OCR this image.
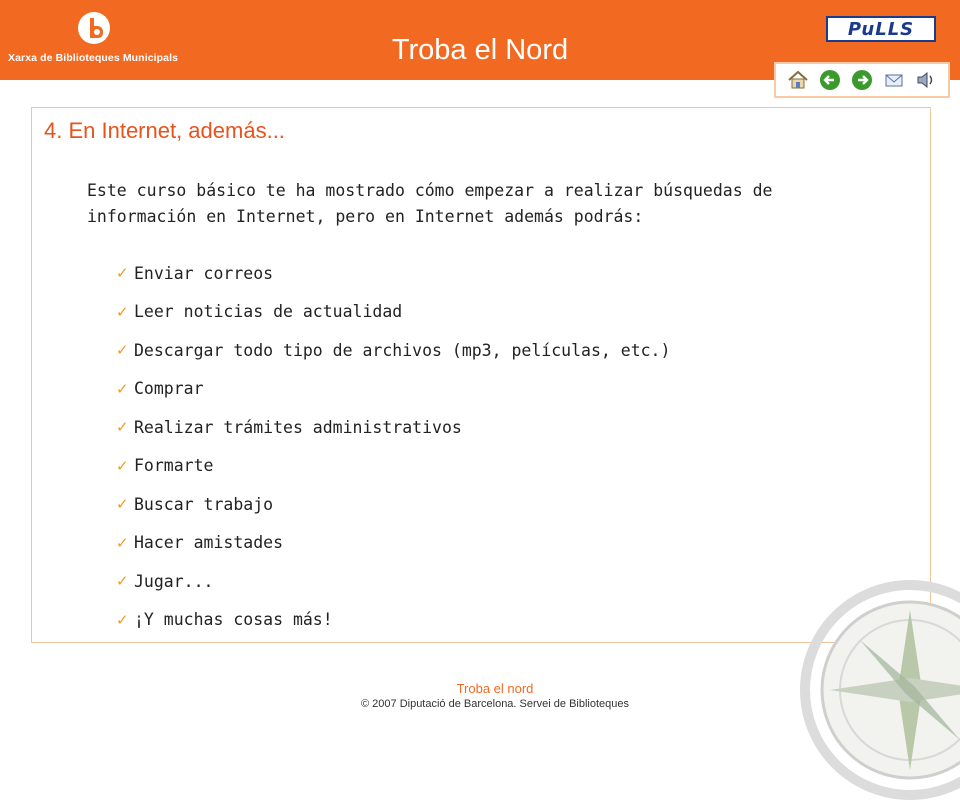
Xarxa de Biblioteques Municipals	Troba el Nord
PuLLS
4. En Internet, además...
Este curso básico te ha mostrado cómo empezar a realizar búsquedas de información en Internet, pero en Internet además podrás:
✓ Enviar correos
✓ Leer noticias de actualidad
✓ Descargar todo tipo de archivos (mp3, películas, etc.)
✓ Comprar
✓ Realizar trámites administrativos
✓ Formarte
✓ Buscar trabajo
✓ Hacer amistades
✓ Jugar...
✓ ¡Y muchas cosas más!
Troba el nord
© 2007 Diputació de Barcelona. Servei de Biblioteques
